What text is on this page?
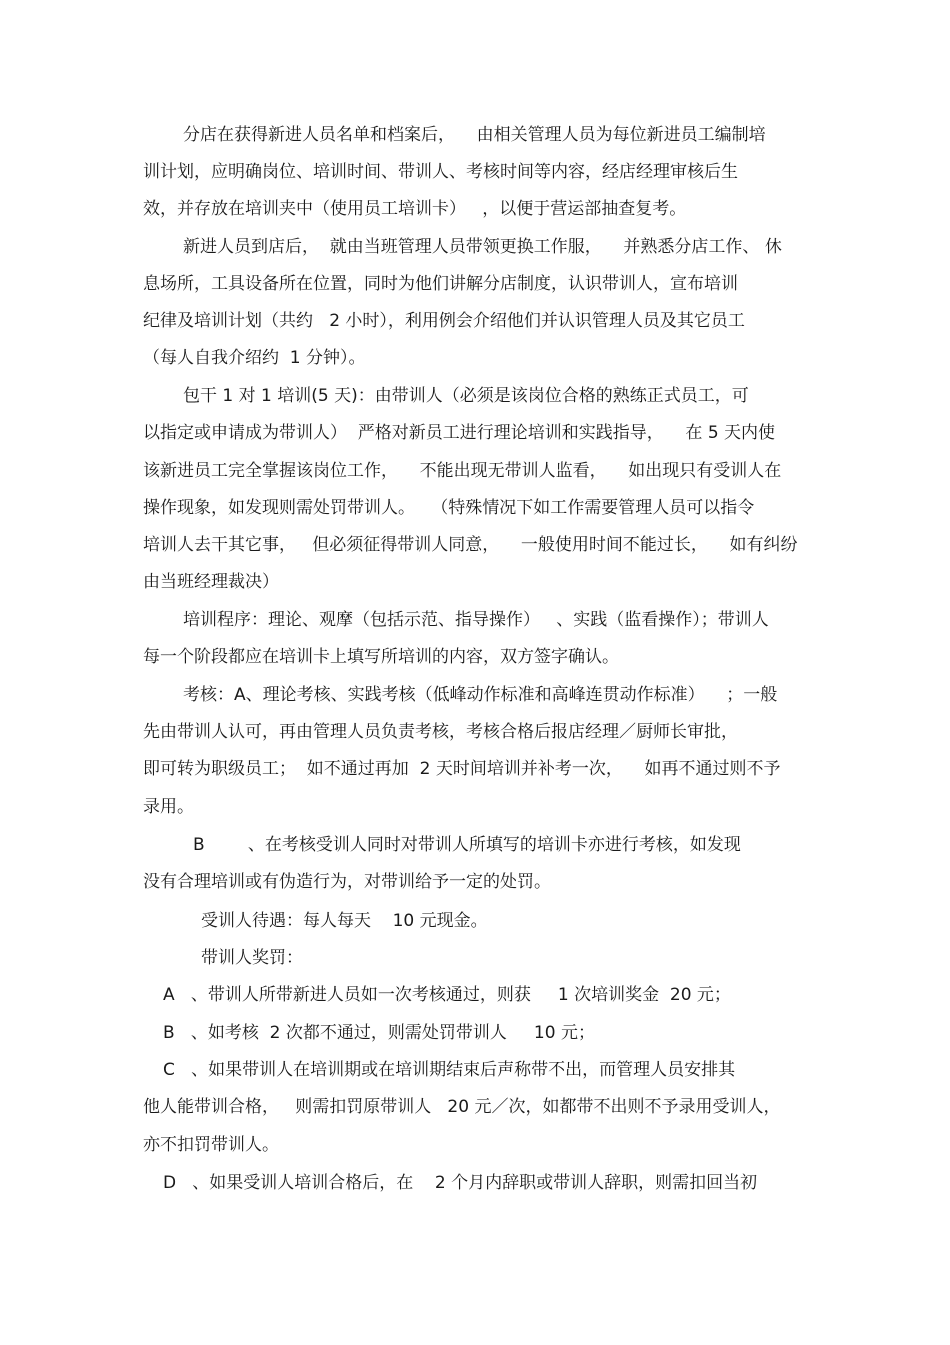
分店在获得新进人员名单和档案后，    由相关管理人员为每位新进员工编制培
训计划，应明确岗位、培训时间、带训人、考核时间等内容，经店经理审核后生
效，并存放在培训夹中（使用员工培训卡）   ，以便于营运部抽查复考。
新进人员到店后，  就由当班管理人员带领更换工作服，    并熟悉分店工作、 休
息场所，工具设备所在位置，同时为他们讲解分店制度，认识带训人，宣布培训
纪律及培训计划（共约   2 小时），利用例会介绍他们并认识管理人员及其它员工
（每人自我介绍约  1 分钟）。
包干 1 对 1 培训(5 天)：由带训人（必须是该岗位合格的熟练正式员工，可
以指定或申请成为带训人）  严格对新员工进行理论培训和实践指导，    在 5 天内使
该新进员工完全掌握该岗位工作，    不能出现无带训人监看，    如出现只有受训人在
操作现象，如发现则需处罚带训人。   （特殊情况下如工作需要管理人员可以指令
培训人去干其它事，   但必须征得带训人同意，    一般使用时间不能过长，    如有纠纷
由当班经理裁决）
培训程序：理论、观摩（包括示范、指导操作）   、实践（监看操作）；带训人
每一个阶段都应在培训卡上填写所培训的内容，双方签字确认。
考核：A、理论考核、实践考核（低峰动作标准和高峰连贯动作标准）    ；一般
先由带训人认可，再由管理人员负责考核，考核合格后报店经理／厨师长审批，
即可转为职级员工；  如不通过再加  2 天时间培训并补考一次，    如再不通过则不予
录用。
B        、在考核受训人同时对带训人所填写的培训卡亦进行考核，如发现
没有合理培训或有伪造行为，对带训给予一定的处罚。
受训人待遇：每人每天    10 元现金。
带训人奖罚：
A   、带训人所带新进人员如一次考核通过，则获     1 次培训奖金  20 元；
B   、如考核  2 次都不通过，则需处罚带训人     10 元；
C   、如果带训人在培训期或在培训期结束后声称带不出，而管理人员安排其
他人能带训合格，   则需扣罚原带训人   20 元／次，如都带不出则不予录用受训人，
亦不扣罚带训人。
D   、如果受训人培训合格后，在    2 个月内辞职或带训人辞职，则需扣回当初
